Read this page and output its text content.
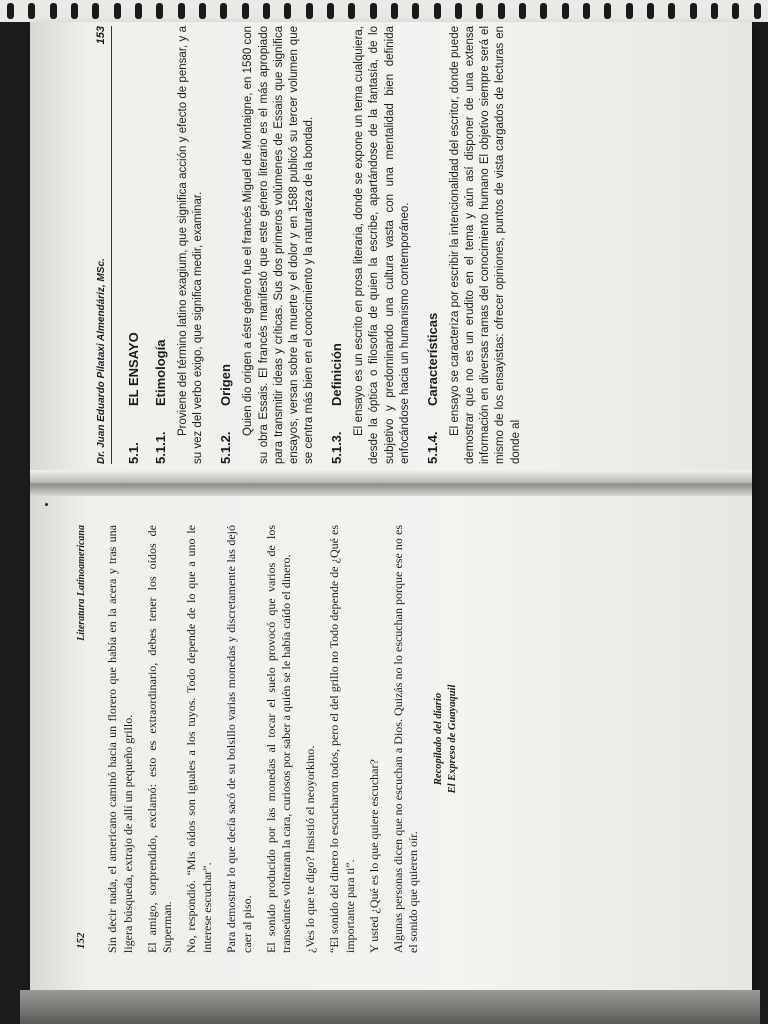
Dr. Juan Eduardo Pilataxi Almendáriz, MSc.
153
5.1.
EL ENSAYO
5.1.1.
Etimología Proviene del término latino exagium, que significa acción y efecto de pensar, y a su vez del verbo exigo, que significa medir, examinar. 5.1.2.
Origen Quien dio origen a éste género fue el francés Miguel de Montaigne, en 1580 con su obra Essais. El francés manifestó que este género literario es el más apropiado para transmitir ideas y críticas. Sus dos primeros volúmenes de Essais que significa ensayos, versan sobre la muerte y el dolor y en 1588 publicó su tercer volumen que se centra más bien en el conocimiento y la naturaleza de la bondad. 5.1.3.
Definición El ensayo es un escrito en prosa literaria, donde se expone un tema cualquiera, desde la óptica o filosofía de quien la escribe, apartándose de la fantasía, de lo subjetivo y predominando una cultura vasta con una mentalidad bien definida enfocándose hacia un humanismo contemporáneo. 5.1.4.
Características El ensayo se caracteriza por escribir la intencionalidad del escritor, donde puede demostrar que no es un erudito en el tema y aún así disponer de una extensa información en diversas ramas del conocimiento humano El objetivo siempre será el mismo de los ensayistas: ofrecer opiniones, puntos de vista cargados de lecturas en donde al

152
Literatura Latinoamericana Sin decir nada, el americano caminó hacia un florero que había en la acera y tras una ligera búsqueda, extrajo de allí un pequeño grillo. El amigo, sorprendido, exclamó: esto es extraordinario, debes tener los oídos de Superman. No, respondió. “Mis oídos son iguales a los tuyos. Todo depende de lo que a uno le interese escuchar”. Para demostrar lo que decía sacó de su bolsillo varias monedas y discretamente las dejó caer al piso. El sonido producido por las monedas al tocar el suelo provocó que varios de los transeúntes voltearan la cara, curiosos por saber a quién se le había caído el dinero. ¿Ves lo que te digo? Insistió el neoyorkino. “El sonido del dinero lo escucharon todos, pero el del grillo no Todo depende de ¿Qué es importante para ti”. Y usted ¿Qué es lo que quiere escuchar? Algunas personas dicen que no escuchan a Dios. Quizás no lo escuchan porque ese no es el sonido que quieren oír.

Recopilado del diario El Expreso de Guayaquil
